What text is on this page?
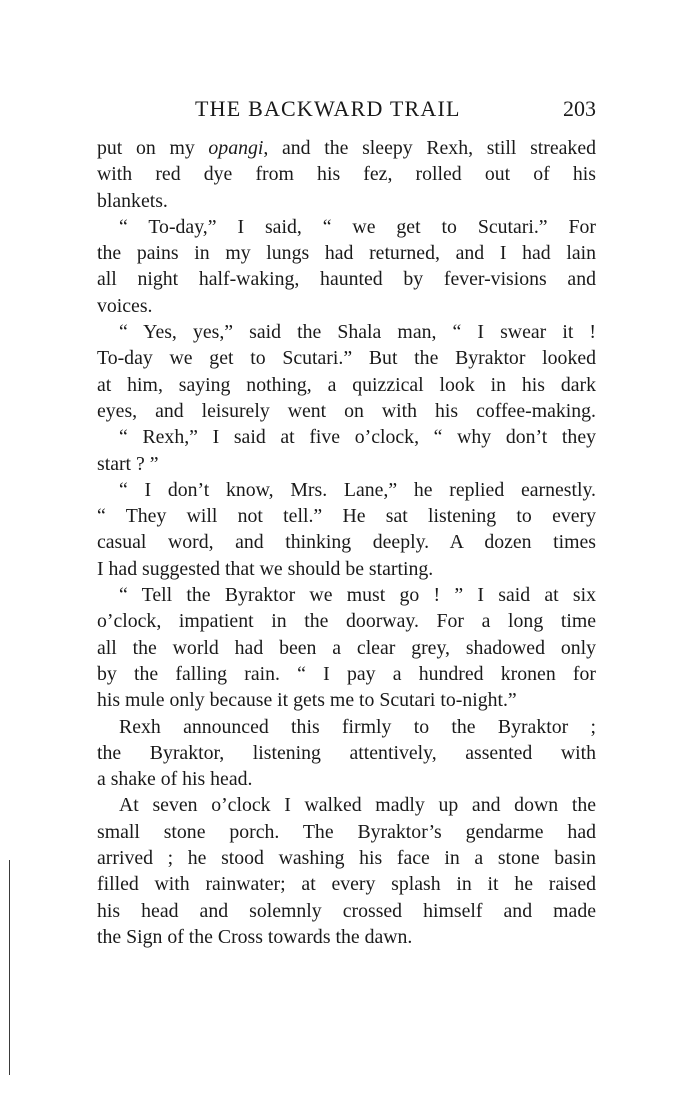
THE BACKWARD TRAIL	203
put on my opangi, and the sleepy Rexh, still streaked
with red dye from his fez, rolled out of his
blankets.
“ To-day,” I said, “ we get to Scutari.” For
the pains in my lungs had returned, and I had lain
all night half-waking, haunted by fever-visions and
voices.
“ Yes, yes,” said the Shala man, “ I swear it !
To-day we get to Scutari.” But the Byraktor looked
at him, saying nothing, a quizzical look in his dark
eyes, and leisurely went on with his coffee-making.
“ Rexh,” I said at five o’clock, “ why don’t they
start ? ”
“ I don’t know, Mrs. Lane,” he replied earnestly.
“ They will not tell.” He sat listening to every
casual word, and thinking deeply. A dozen times
I had suggested that we should be starting.
“ Tell the Byraktor we must go ! ” I said at six
o’clock, impatient in the doorway. For a long time
all the world had been a clear grey, shadowed only
by the falling rain. “ I pay a hundred kronen for
his mule only because it gets me to Scutari to-night.”
Rexh announced this firmly to the Byraktor ;
the Byraktor, listening attentively, assented with
a shake of his head.
At seven o’clock I walked madly up and down the
small stone porch. The Byraktor’s gendarme had
arrived ; he stood washing his face in a stone basin
filled with rainwater; at every splash in it he raised
his head and solemnly crossed himself and made
the Sign of the Cross towards the dawn.
